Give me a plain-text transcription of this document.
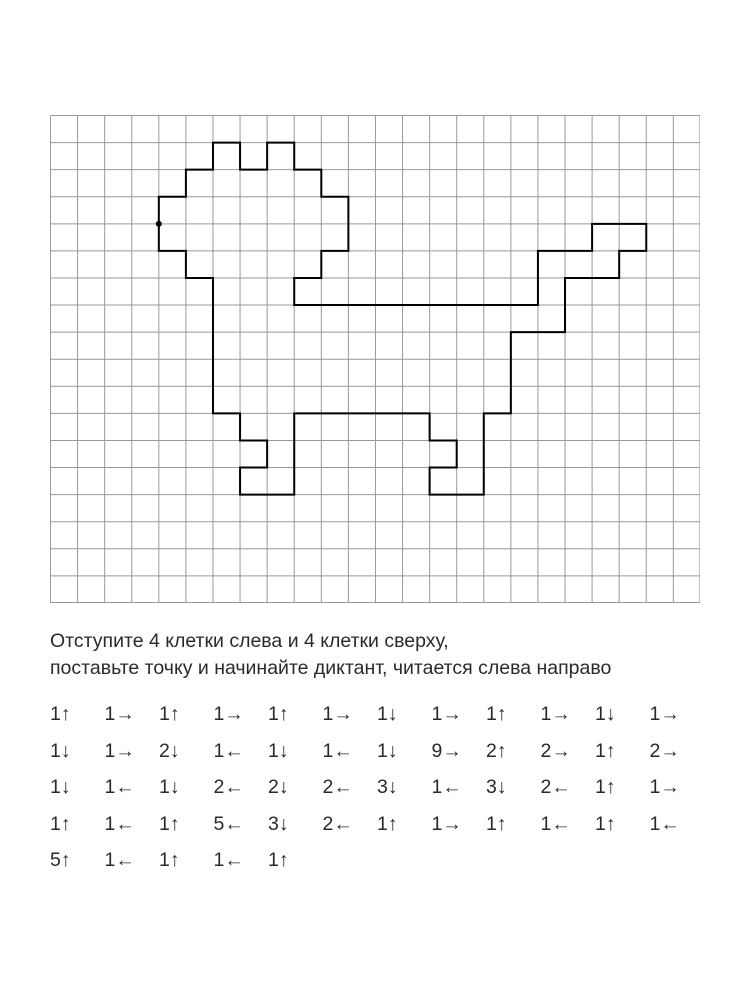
Отступите 4 клетки слева и 4 клетки сверху,
поставьте точку и начинайте диктант, читается слева направо
1↑ 1→ 1↑ 1→ 1↑ 1→ 1↓ 1→ 1↑ 1→ 1↓ 1→
1↓ 1→ 2↓ 1← 1↓ 1← 1↓ 9→ 2↑ 2→ 1↑ 2→
1↓ 1← 1↓ 2← 2↓ 2← 3↓ 1← 3↓ 2← 1↑ 1→
1↑ 1← 1↑ 5← 3↓ 2← 1↑ 1→ 1↑ 1← 1↑ 1←
5↑ 1← 1↑ 1← 1↑
